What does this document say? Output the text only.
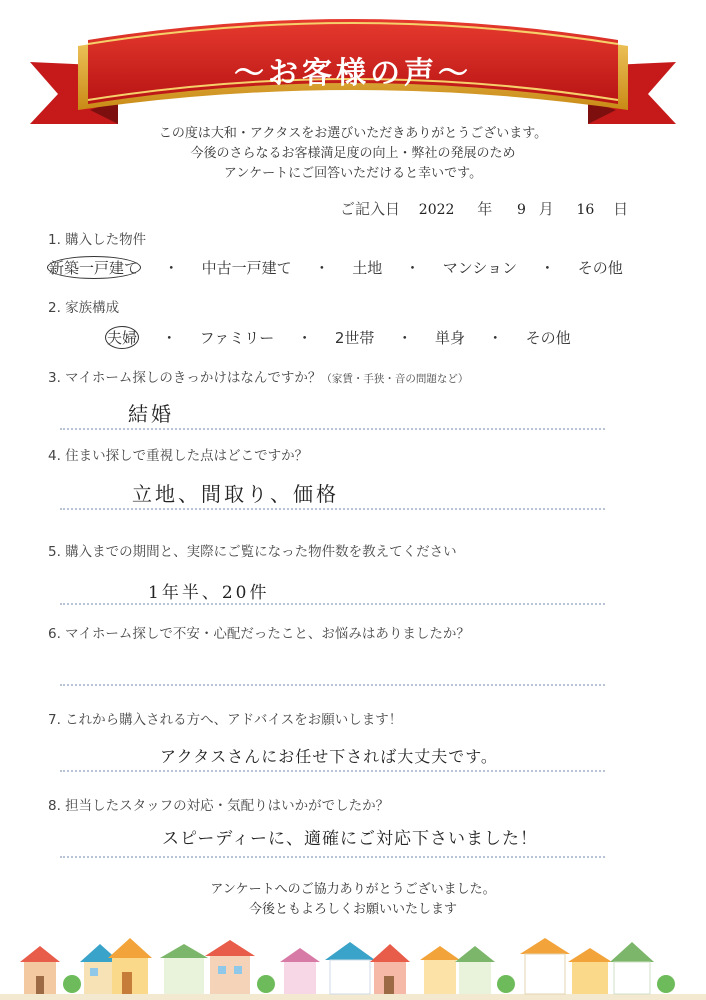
～お客様の声～
この度は大和・アクタスをお選びいただきありがとうございます。
今後のさらなるお客様満足度の向上・弊社の発展のため
アンケートにご回答いただけると幸いです。
ご記入日 2022 年 9 月 16 日
1. 購入した物件
新築一戸建て ・ 中古一戸建て ・ 土地 ・ マンション ・ その他
2. 家族構成
夫婦 ・ ファミリー ・ 2世帯 ・ 単身 ・ その他
3. マイホーム探しのきっかけはなんですか？（家賃・手狭・音の問題など）
結婚
4. 住まい探しで重視した点はどこですか？
立地、間取り、価格
5. 購入までの期間と、実際にご覧になった物件数を教えてください
1年半、20件
6. マイホーム探しで不安・心配だったこと、お悩みはありましたか？
7. これから購入される方へ、アドバイスをお願いします！
アクタスさんにお任せ下されば大丈夫です。
8. 担当したスタッフの対応・気配りはいかがでしたか？
スピーディーに、適確にご対応下さいました！
アンケートへのご協力ありがとうございました。
今後ともよろしくお願いいたします
